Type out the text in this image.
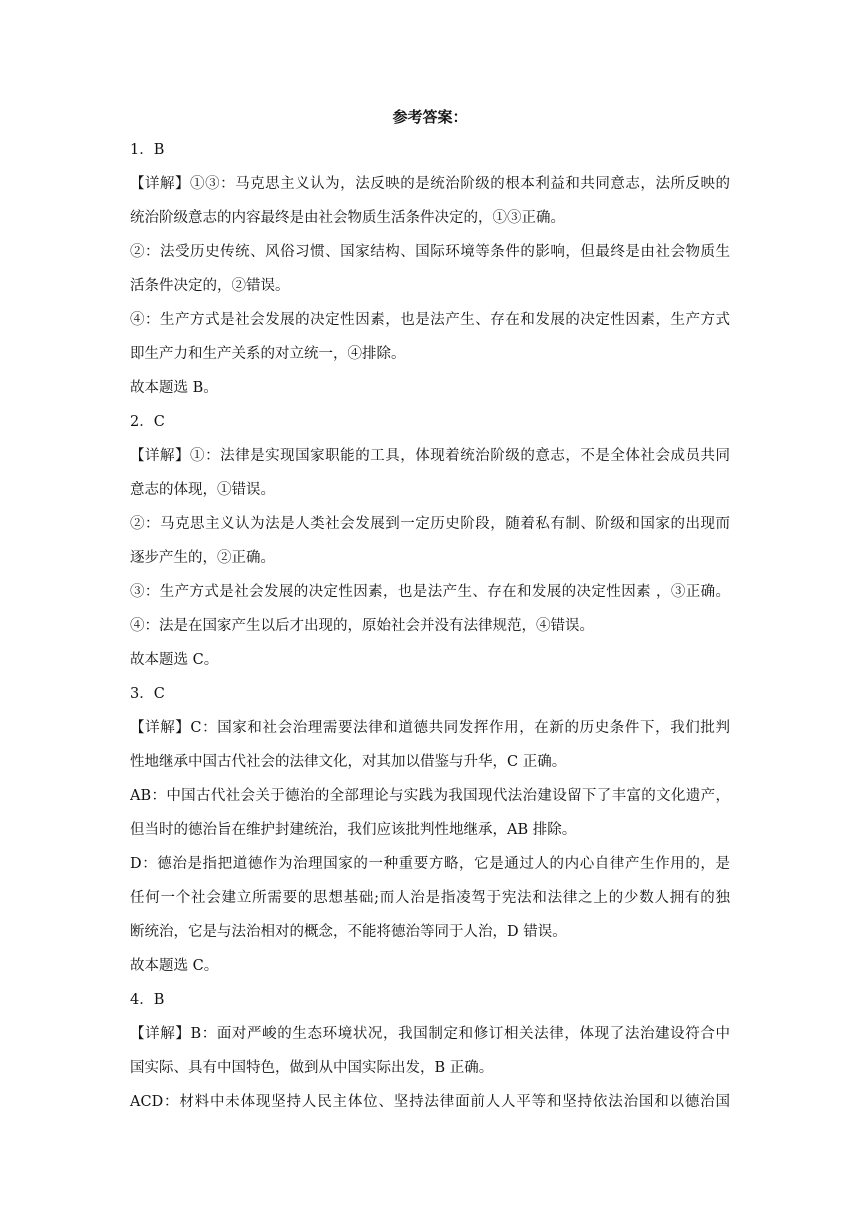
参考答案：
1．B
【详解】①③：马克思主义认为，法反映的是统治阶级的根本利益和共同意志，法所反映的
统治阶级意志的内容最终是由社会物质生活条件决定的，①③正确。
②：法受历史传统、风俗习惯、国家结构、国际环境等条件的影响，但最终是由社会物质生
活条件决定的，②错误。
④：生产方式是社会发展的决定性因素，也是法产生、存在和发展的决定性因素，生产方式
即生产力和生产关系的对立统一，④排除。
故本题选 B。
2．C
【详解】①：法律是实现国家职能的工具，体现着统治阶级的意志，不是全体社会成员共同
意志的体现，①错误。
②：马克思主义认为法是人类社会发展到一定历史阶段，随着私有制、阶级和国家的出现而
逐步产生的，②正确。
③：生产方式是社会发展的决定性因素，也是法产生、存在和发展的决定性因素 ，③正确。
④：法是在国家产生以后才出现的，原始社会并没有法律规范，④错误。
故本题选 C。
3．C
【详解】C：国家和社会治理需要法律和道德共同发挥作用，在新的历史条件下，我们批判
性地继承中国古代社会的法律文化，对其加以借鉴与升华，C 正确。
AB：中国古代社会关于德治的全部理论与实践为我国现代法治建设留下了丰富的文化遗产，
但当时的德治旨在维护封建统治，我们应该批判性地继承，AB 排除。
D：德治是指把道德作为治理国家的一种重要方略，它是通过人的内心自律产生作用的，是
任何一个社会建立所需要的思想基础;而人治是指凌驾于宪法和法律之上的少数人拥有的独
断统治，它是与法治相对的概念，不能将德治等同于人治，D 错误。
故本题选 C。
4．B
【详解】B：面对严峻的生态环境状况，我国制定和修订相关法律，体现了法治建设符合中
国实际、具有中国特色，做到从中国实际出发，B 正确。
ACD：材料中未体现坚持人民主体位、坚持法律面前人人平等和坚持依法治国和以德治国
